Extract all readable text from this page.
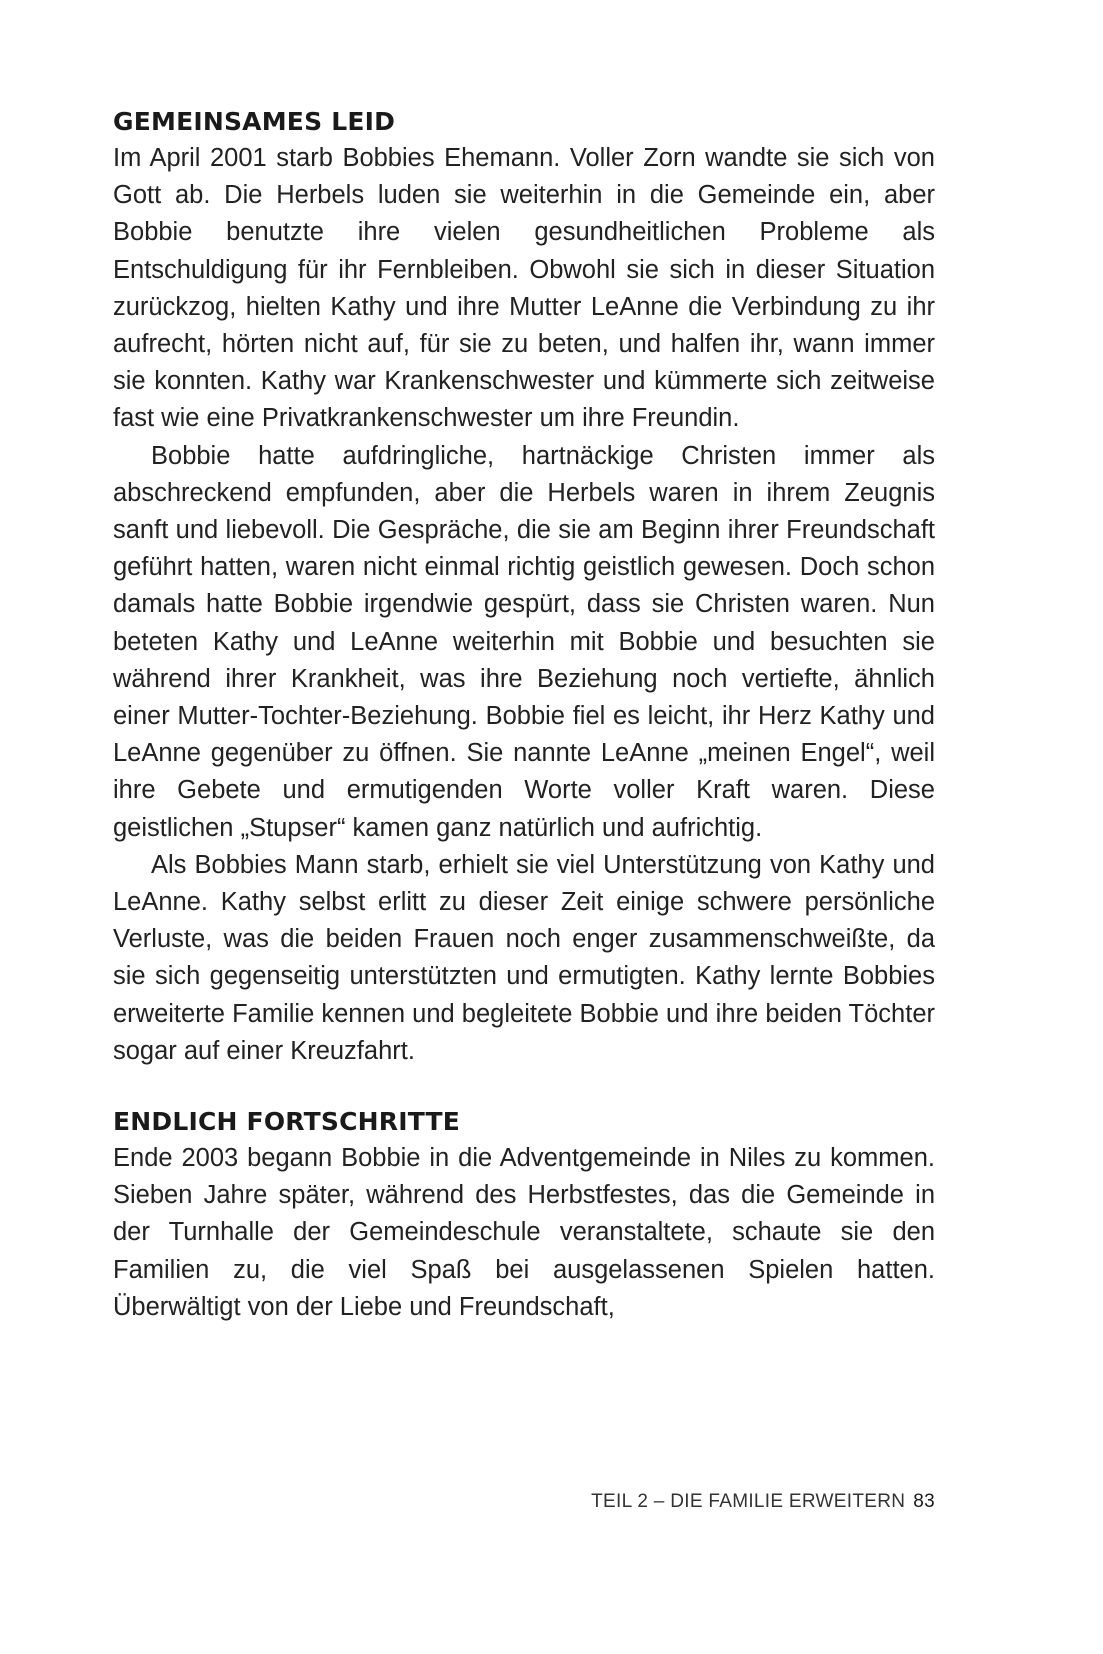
GEMEINSAMES LEID

Im April 2001 starb Bobbies Ehemann. Voller Zorn wandte sie sich von Gott ab. Die Herbels luden sie weiterhin in die Gemeinde ein, aber Bobbie benutzte ihre vielen gesundheitlichen Probleme als Entschuldigung für ihr Fernbleiben. Obwohl sie sich in dieser Situation zurückzog, hielten Kathy und ihre Mutter LeAnne die Verbindung zu ihr aufrecht, hörten nicht auf, für sie zu beten, und halfen ihr, wann immer sie konnten. Kathy war Krankenschwester und kümmerte sich zeitweise fast wie eine Privatkrankenschwester um ihre Freundin.

Bobbie hatte aufdringliche, hartnäckige Christen immer als abschreckend empfunden, aber die Herbels waren in ihrem Zeugnis sanft und liebevoll. Die Gespräche, die sie am Beginn ihrer Freundschaft geführt hatten, waren nicht einmal richtig geistlich gewesen. Doch schon damals hatte Bobbie irgendwie gespürt, dass sie Christen waren. Nun beteten Kathy und LeAnne weiterhin mit Bobbie und besuchten sie während ihrer Krankheit, was ihre Beziehung noch vertiefte, ähnlich einer Mutter-Tochter-Beziehung. Bobbie fiel es leicht, ihr Herz Kathy und LeAnne gegenüber zu öffnen. Sie nannte LeAnne „meinen Engel“, weil ihre Gebete und ermutigenden Worte voller Kraft waren. Diese geistlichen „Stupser“ kamen ganz natürlich und aufrichtig.

Als Bobbies Mann starb, erhielt sie viel Unterstützung von Kathy und LeAnne. Kathy selbst erlitt zu dieser Zeit einige schwere persönliche Verluste, was die beiden Frauen noch enger zusammenschweißte, da sie sich gegenseitig unterstützten und ermutigten. Kathy lernte Bobbies erweiterte Familie kennen und begleitete Bobbie und ihre beiden Töchter sogar auf einer Kreuzfahrt.

ENDLICH FORTSCHRITTE

Ende 2003 begann Bobbie in die Adventgemeinde in Niles zu kommen. Sieben Jahre später, während des Herbstfestes, das die Gemeinde in der Turnhalle der Gemeindeschule veranstaltete, schaute sie den Familien zu, die viel Spaß bei ausgelassenen Spielen hatten. Überwältigt von der Liebe und Freundschaft,

TEIL 2 – DIE FAMILIE ERWEITERN 83
